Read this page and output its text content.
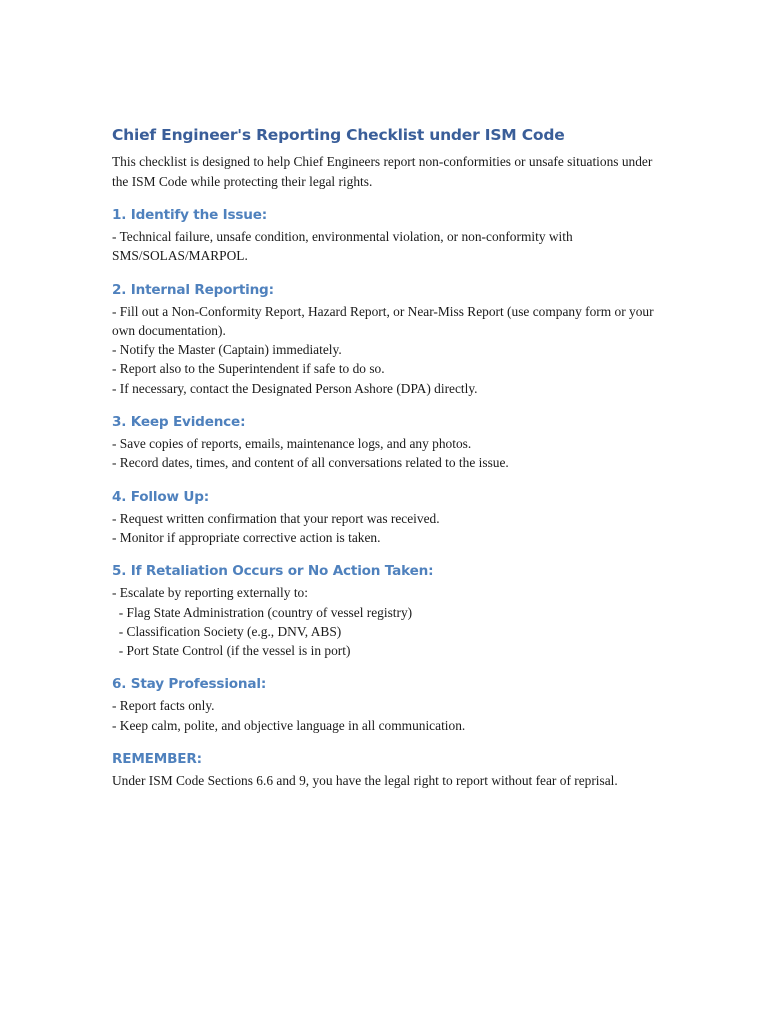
Chief Engineer's Reporting Checklist under ISM Code

This checklist is designed to help Chief Engineers report non-conformities or unsafe situations under the ISM Code while protecting their legal rights.

1. Identify the Issue:

- Technical failure, unsafe condition, environmental violation, or non-conformity with SMS/SOLAS/MARPOL.

2. Internal Reporting:

- Fill out a Non-Conformity Report, Hazard Report, or Near-Miss Report (use company form or your own documentation).

- Notify the Master (Captain) immediately.

- Report also to the Superintendent if safe to do so.

- If necessary, contact the Designated Person Ashore (DPA) directly.

3. Keep Evidence:

- Save copies of reports, emails, maintenance logs, and any photos.

- Record dates, times, and content of all conversations related to the issue.

4. Follow Up:

- Request written confirmation that your report was received.

- Monitor if appropriate corrective action is taken.

5. If Retaliation Occurs or No Action Taken:

- Escalate by reporting externally to:

- Flag State Administration (country of vessel registry)

- Classification Society (e.g., DNV, ABS)

- Port State Control (if the vessel is in port)

6. Stay Professional:

- Report facts only.

- Keep calm, polite, and objective language in all communication.

REMEMBER:

Under ISM Code Sections 6.6 and 9, you have the legal right to report without fear of reprisal.
